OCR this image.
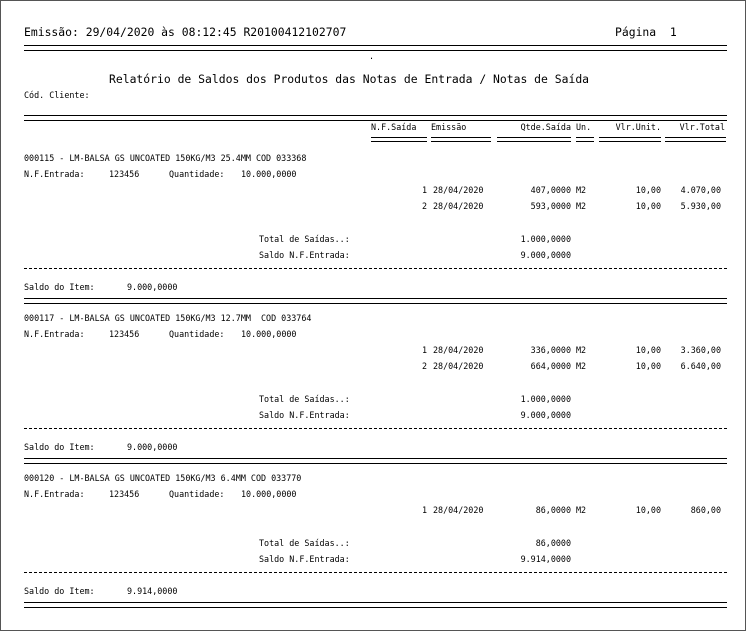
Emissão: 29/04/2020 às 08:12:45 R20100412102707	Página  1
.
Relatório de Saldos dos Produtos das Notas de Entrada / Notas de Saída
Cód. Cliente:
N.F.Saída Emissão	Qtde.Saída Un.	Vlr.Unit.	Vlr.Total
000115 - LM-BALSA GS UNCOATED 150KG/M3 25.4MM COD 033368
N.F.Entrada:	123456	Quantidade: 10.000,0000
1 28/04/2020	407,0000 M2	10,00	4.070,00
2 28/04/2020	593,0000 M2	10,00	5.930,00
Total de Saídas..:	1.000,0000
Saldo N.F.Entrada:	9.000,0000
Saldo do Item:	9.000,0000
000117 - LM-BALSA GS UNCOATED 150KG/M3 12.7MM  COD 033764
N.F.Entrada:	123456	Quantidade: 10.000,0000
1 28/04/2020	336,0000 M2	10,00	3.360,00
2 28/04/2020	664,0000 M2	10,00	6.640,00
Total de Saídas..:	1.000,0000
Saldo N.F.Entrada:	9.000,0000
Saldo do Item:	9.000,0000
000120 - LM-BALSA GS UNCOATED 150KG/M3 6.4MM COD 033770
N.F.Entrada:	123456	Quantidade: 10.000,0000
1 28/04/2020	86,0000 M2	10,00	860,00
Total de Saídas..:	86,0000
Saldo N.F.Entrada:	9.914,0000
Saldo do Item:	9.914,0000
